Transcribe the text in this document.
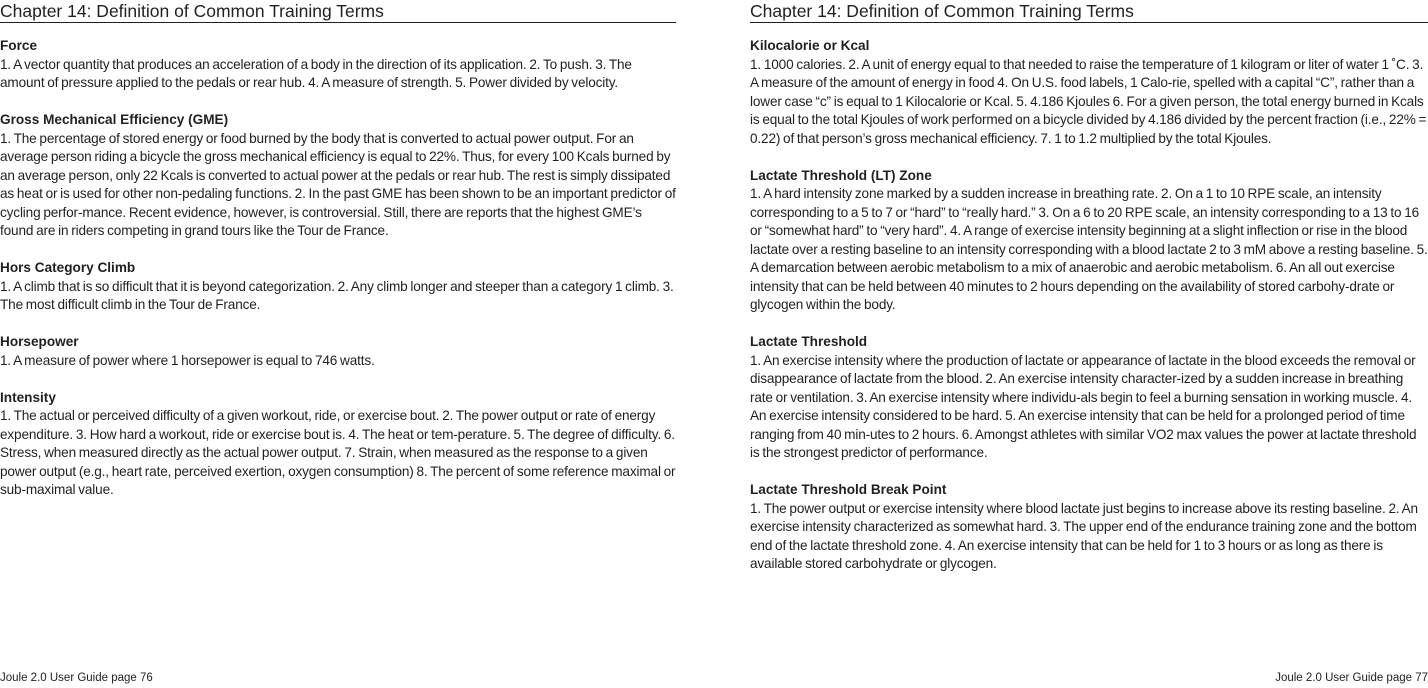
Chapter 14: Definition of Common Training Terms
Force
1. A vector quantity that produces an acceleration of a body in the direction of its application. 2. To push. 3. The amount of pressure applied to the pedals or rear hub. 4. A measure of strength. 5. Power divided by velocity.
Gross Mechanical Efficiency (GME)
1. The percentage of stored energy or food burned by the body that is converted to actual power output. For an average person riding a bicycle the gross mechanical efficiency is equal to 22%. Thus, for every 100 Kcals burned by an average person, only 22 Kcals is converted to actual power at the pedals or rear hub. The rest is simply dissipated as heat or is used for other non-pedaling functions. 2. In the past GME has been shown to be an important predictor of cycling perfor-mance. Recent evidence, however, is controversial. Still, there are reports that the highest GME’s found are in riders competing in grand tours like the Tour de France.
Hors Category Climb
1. A climb that is so difficult that it is beyond categorization. 2. Any climb longer and steeper than a category 1 climb. 3. The most difficult climb in the Tour de France.
Horsepower
1. A measure of power where 1 horsepower is equal to 746 watts.
Intensity
1. The actual or perceived difficulty of a given workout, ride, or exercise bout. 2. The power output or rate of energy expenditure. 3. How hard a workout, ride or exercise bout is. 4. The heat or tem-perature. 5. The degree of difficulty. 6. Stress, when measured directly as the actual power output. 7. Strain, when measured as the response to a given power output (e.g., heart rate, perceived exertion, oxygen consumption) 8. The percent of some reference maximal or sub-maximal value.
Joule 2.0 User Guide page 76
Chapter 14: Definition of Common Training Terms
Kilocalorie or Kcal
1. 1000 calories. 2. A unit of energy equal to that needed to raise the temperature of 1 kilogram or liter of water 1 ˚C. 3. A measure of the amount of energy in food 4. On U.S. food labels, 1 Calo-rie, spelled with a capital “C”, rather than a lower case “c” is equal to 1 Kilocalorie or Kcal. 5. 4.186 Kjoules 6. For a given person, the total energy burned in Kcals is equal to the total Kjoules of work performed on a bicycle divided by 4.186 divided by the percent fraction (i.e., 22% = 0.22) of that person’s gross mechanical efficiency. 7. 1 to 1.2 multiplied by the total Kjoules.
Lactate Threshold (LT) Zone
1. A hard intensity zone marked by a sudden increase in breathing rate. 2. On a 1 to 10 RPE scale, an intensity corresponding to a 5 to 7 or “hard” to “really hard.” 3. On a 6 to 20 RPE scale, an intensity corresponding to a 13 to 16 or “somewhat hard” to “very hard”. 4. A range of exercise intensity beginning at a slight inflection or rise in the blood lactate over a resting baseline to an intensity corresponding with a blood lactate 2 to 3 mM above a resting baseline. 5. A demarcation between aerobic metabolism to a mix of anaerobic and aerobic metabolism. 6. An all out exercise intensity that can be held between 40 minutes to 2 hours depending on the availability of stored carbohy-drate or glycogen within the body.
Lactate Threshold
1. An exercise intensity where the production of lactate or appearance of lactate in the blood exceeds the removal or disappearance of lactate from the blood. 2. An exercise intensity character-ized by a sudden increase in breathing rate or ventilation. 3. An exercise intensity where individu-als begin to feel a burning sensation in working muscle. 4. An exercise intensity considered to be hard. 5. An exercise intensity that can be held for a prolonged period of time ranging from 40 min-utes to 2 hours. 6. Amongst athletes with similar VO2 max values the power at lactate threshold is the strongest predictor of performance.
Lactate Threshold Break Point
1. The power output or exercise intensity where blood lactate just begins to increase above its resting baseline. 2. An exercise intensity characterized as somewhat hard. 3. The upper end of the endurance training zone and the bottom end of the lactate threshold zone. 4. An exercise intensity that can be held for 1 to 3 hours or as long as there is available stored carbohydrate or glycogen.
Joule 2.0 User Guide page 77
